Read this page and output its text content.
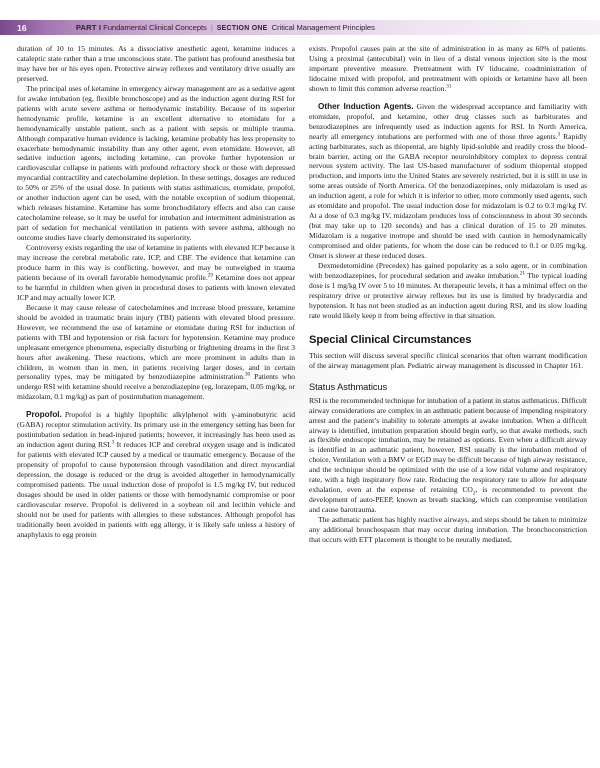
16	PART I Fundamental Clinical Concepts | SECTION ONE Critical Management Principles

duration of 10 to 15 minutes. As a dissociative anesthetic agent, ketamine induces a cataleptic state rather than a true unconscious state. The patient has profound anesthesia but may have her or his eyes open. Protective airway reflexes and ventilatory drive usually are preserved.

The principal uses of ketamine in emergency airway management are as a sedative agent for awake intubation (eg, flexible bronchoscope) and as the induction agent during RSI for patients with acute severe asthma or hemodynamic instability. Because of its superior hemodynamic profile, ketamine is an excellent alternative to etomidate for a hemodynamically unstable patient, such as a patient with sepsis or multiple trauma. Although comparative human evidence is lacking, ketamine probably has less propensity to exacerbate hemodynamic instability than any other agent, even etomidate. However, all sedative induction agents, including ketamine, can provoke further hypotension or cardiovascular collapse in patients with profound refractory shock or those with depressed myocardial contractility and catecholamine depletion. In these settings, dosages are reduced to 50% or 25% of the usual dose. In patients with status asthmaticus, etomidate, propofol, or another induction agent can be used, with the notable exception of sodium thiopental, which releases histamine. Ketamine has some bronchodilatory effects and also can cause catecholamine release, so it may be useful for intubation and intermittent administration as part of sedation for mechanical ventilation in patients with severe asthma, although no outcome studies have clearly demonstrated its superiority.

Controversy exists regarding the use of ketamine in patients with elevated ICP because it may increase the cerebral metabolic rate, ICP, and CBF. The evidence that ketamine can produce harm in this way is conflicting, however, and may be outweighed in trauma patients because of its overall favorable hemodynamic profile.$^{29}$ Ketamine does not appear to be harmful in children when given in procedural doses to patients with known elevated ICP and may actually lower ICP.

Because it may cause release of catecholamines and increase blood pressure, ketamine should be avoided in traumatic brain injury (TBI) patients with elevated blood pressure. However, we recommend the use of ketamine or etomidate during RSI for induction of patients with TBI and hypotension or risk factors for hypotension. Ketamine may produce unpleasant emergence phenomena, especially disturbing or frightening dreams in the first 3 hours after awakening. These reactions, which are more prominent in adults than in children, in women than in men, in patients receiving larger doses, and in certain personality types, may be mitigated by benzodiazepine administration.$^{30}$ Patients who undergo RSI with ketamine should receive a benzodiazepine (eg, lorazepam, 0.05 mg/kg, or midazolam, 0.1 mg/kg) as part of postintubation management.

Propofol. Propofol is a highly lipophilic alkylphenol with γ-aminobutyric acid (GABA) receptor stimulation activity. Its primary use in the emergency setting has been for postintubation sedation in head-injured patients; however, it increasingly has been used as an induction agent during RSI.$^3$ It reduces ICP and cerebral oxygen usage and is indicated for patients with elevated ICP caused by a medical or traumatic emergency. Because of the propensity of propofol to cause hypotension through vasodilation and direct myocardial depression, the dosage is reduced or the drug is avoided altogether in hemodynamically compromised patients. The usual induction dose of propofol is 1.5 mg/kg IV, but reduced dosages should be used in older patients or those with hemodynamic compromise or poor cardiovascular reserve. Propofol is delivered in a soybean oil and lecithin vehicle and should not be used for patients with allergies to these substances. Although propofol has traditionally been avoided in patients with egg allergy, it is likely safe unless a history of anaphylaxis to egg protein

exists. Propofol causes pain at the site of administration in as many as 60% of patients. Using a proximal (antecubital) vein in lieu of a distal venous injection site is the most important preventive measure. Pretreatment with IV lidocaine, coadministration of lidocaine mixed with propofol, and pretreatment with opioids or ketamine have all been shown to limit this common adverse reaction.$^{31}$

Other Induction Agents. Given the widespread acceptance and familiarity with etomidate, propofol, and ketamine, other drug classes such as barbiturates and benzodiazepines are infrequently used as induction agents for RSI. In North America, nearly all emergency intubations are performed with one of those three agents.$^3$ Rapidly acting barbiturates, such as thiopental, are highly lipid-soluble and readily cross the blood-brain barrier, acting on the GABA receptor neuroinhibitory complex to depress central nervous system activity. The last US-based manufacturer of sodium thiopental stopped production, and imports into the United States are severely restricted, but it is still in use in some areas outside of North America. Of the benzodiazepines, only midazolam is used as an induction agent, a role for which it is inferior to other, more commonly used agents, such as etomidate and propofol. The usual induction dose for midazolam is 0.2 to 0.3 mg/kg IV. At a dose of 0.3 mg/kg IV, midazolam produces loss of consciousness in about 30 seconds (but may take up to 120 seconds) and has a clinical duration of 15 to 20 minutes. Midazolam is a negative inotrope and should be used with caution in hemodynamically compromised and older patients, for whom the dose can be reduced to 0.1 or 0.05 mg/kg. Onset is slower at these reduced doses.

Dexmedetomidine (Precedex) has gained popularity as a solo agent, or in combination with benzodiazepines, for procedural sedation and awake intubation.$^{21}$ The typical loading dose is 1 mg/kg IV over 5 to 10 minutes. At therapeutic levels, it has a minimal effect on the respiratory drive or protective airway reflexes but its use is limited by bradycardia and hypotension. It has not been studied as an induction agent during RSI, and its slow loading rate would likely keep it from being effective in that situation.

Special Clinical Circumstances

This section will discuss several specific clinical scenarios that often warrant modification of the airway management plan. Pediatric airway management is discussed in Chapter 161.

Status Asthmaticus

RSI is the recommended technique for intubation of a patient in status asthmaticus. Difficult airway considerations are complex in an asthmatic patient because of impending respiratory arrest and the patient’s inability to tolerate attempts at awake intubation. When a difficult airway is identified, intubation preparation should begin early, so that awake methods, such as flexible endoscopic intubation, may be retained as options. Even when a difficult airway is identified in an asthmatic patient, however, RSI usually is the intubation method of choice. Ventilation with a BMV or EGD may be difficult because of high airway resistance, and the technique should be optimized with the use of a low tidal volume and respiratory rate, with a high inspiratory flow rate. Reducing the respiratory rate to allow for adequate exhalation, even at the expense of retaining $CO_2$, is recommended to prevent the development of auto-PEEP, known as breath stacking, which can compromise ventilation and cause barotrauma.

The asthmatic patient has highly reactive airways, and steps should be taken to minimize any additional bronchospasm that may occur during intubation. The bronchoconstriction that occurs with ETT placement is thought to be neurally mediated,
